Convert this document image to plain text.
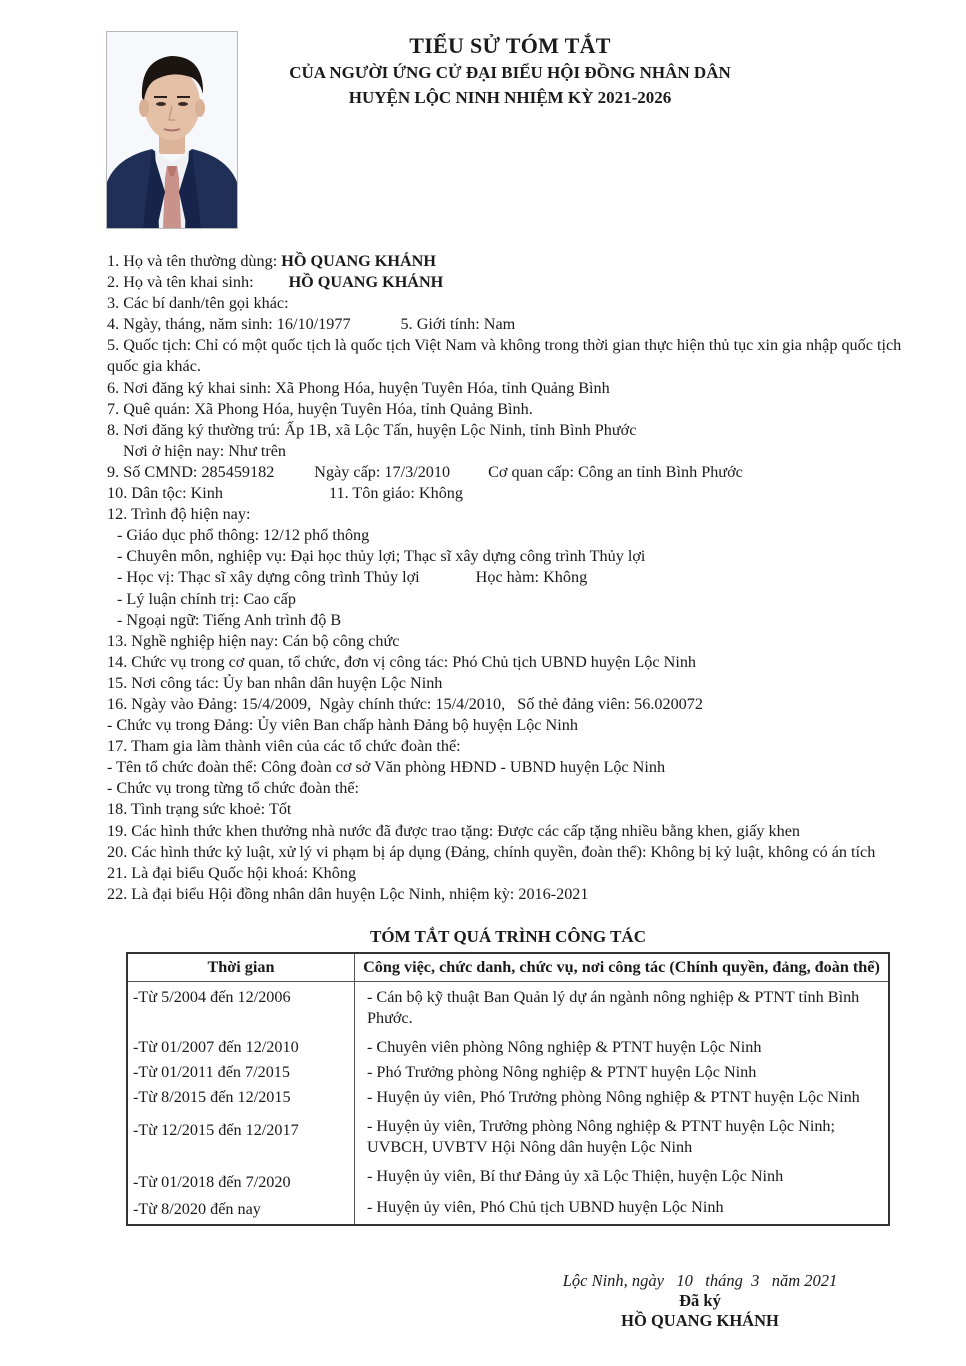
TIỂU SỬ TÓM TẮT
CỦA NGƯỜI ỨNG CỬ ĐẠI BIỂU HỘI ĐỒNG NHÂN DÂN
HUYỆN LỘC NINH NHIỆM KỲ 2021-2026
1. Họ và tên thường dùng: HỒ QUANG KHÁNH
2. Họ và tên khai sinh: HỒ QUANG KHÁNH
3. Các bí danh/tên gọi khác:
4. Ngày, tháng, năm sinh: 16/10/1977	5. Giới tính: Nam
5. Quốc tịch: Chỉ có một quốc tịch là quốc tịch Việt Nam và không trong thời gian thực hiện thủ tục xin gia nhập quốc tịch quốc gia khác.
6. Nơi đăng ký khai sinh: Xã Phong Hóa, huyện Tuyên Hóa, tỉnh Quảng Bình
7. Quê quán: Xã Phong Hóa, huyện Tuyên Hóa, tỉnh Quảng Bình.
8. Nơi đăng ký thường trú: Ấp 1B, xã Lộc Tấn, huyện Lộc Ninh, tỉnh Bình Phước
Nơi ở hiện nay: Như trên
9. Số CMND: 285459182 Ngày cấp: 17/3/2010 Cơ quan cấp: Công an tỉnh Bình Phước
10. Dân tộc: Kinh	11. Tôn giáo: Không
12. Trình độ hiện nay:
- Giáo dục phổ thông: 12/12 phổ thông
- Chuyên môn, nghiệp vụ: Đại học thủy lợi; Thạc sĩ xây dựng công trình Thủy lợi
- Học vị: Thạc sĩ xây dựng công trình Thủy lợi	Học hàm: Không
- Lý luận chính trị: Cao cấp
- Ngoại ngữ: Tiếng Anh trình độ B
13. Nghề nghiệp hiện nay: Cán bộ công chức
14. Chức vụ trong cơ quan, tổ chức, đơn vị công tác: Phó Chủ tịch UBND huyện Lộc Ninh
15. Nơi công tác: Ủy ban nhân dân huyện Lộc Ninh
16. Ngày vào Đảng: 15/4/2009,  Ngày chính thức: 15/4/2010,   Số thẻ đảng viên: 56.020072
- Chức vụ trong Đảng: Ủy viên Ban chấp hành Đảng bộ huyện Lộc Ninh
17. Tham gia làm thành viên của các tổ chức đoàn thể:
- Tên tổ chức đoàn thể: Công đoàn cơ sở Văn phòng HĐND - UBND huyện Lộc Ninh
- Chức vụ trong từng tổ chức đoàn thể:
18. Tình trạng sức khoẻ: Tốt
19. Các hình thức khen thưởng nhà nước đã được trao tặng: Được các cấp tặng nhiều bằng khen, giấy khen
20. Các hình thức kỷ luật, xử lý vi phạm bị áp dụng (Đảng, chính quyền, đoàn thể): Không bị kỷ luật, không có án tích
21. Là đại biểu Quốc hội khoá: Không
22. Là đại biểu Hội đồng nhân dân huyện Lộc Ninh, nhiệm kỳ: 2016-2021
TÓM TẮT QUÁ TRÌNH CÔNG TÁC
Thời gian	Công việc, chức danh, chức vụ, nơi công tác (Chính quyền, đảng, đoàn thể)
-Từ 5/2004 đến 12/2006	- Cán bộ kỹ thuật Ban Quản lý dự án ngành nông nghiệp & PTNT tỉnh Bình Phước.
-Từ 01/2007 đến 12/2010	- Chuyên viên phòng Nông nghiệp & PTNT huyện Lộc Ninh
-Từ 01/2011 đến 7/2015	- Phó Trưởng phòng Nông nghiệp & PTNT huyện Lộc Ninh
-Từ 8/2015 đến 12/2015	- Huyện ủy viên, Phó Trưởng phòng Nông nghiệp & PTNT huyện Lộc Ninh
-Từ 12/2015 đến 12/2017	- Huyện ủy viên, Trưởng phòng Nông nghiệp & PTNT huyện Lộc Ninh; UVBCH, UVBTV Hội Nông dân huyện Lộc Ninh
-Từ 01/2018 đến 7/2020	- Huyện ủy viên, Bí thư Đảng ủy xã Lộc Thiện, huyện Lộc Ninh
-Từ 8/2020 đến nay	- Huyện ủy viên, Phó Chủ tịch UBND huyện Lộc Ninh
Lộc Ninh, ngày   10   tháng  3   năm 2021
Đã ký
HỒ QUANG KHÁNH
